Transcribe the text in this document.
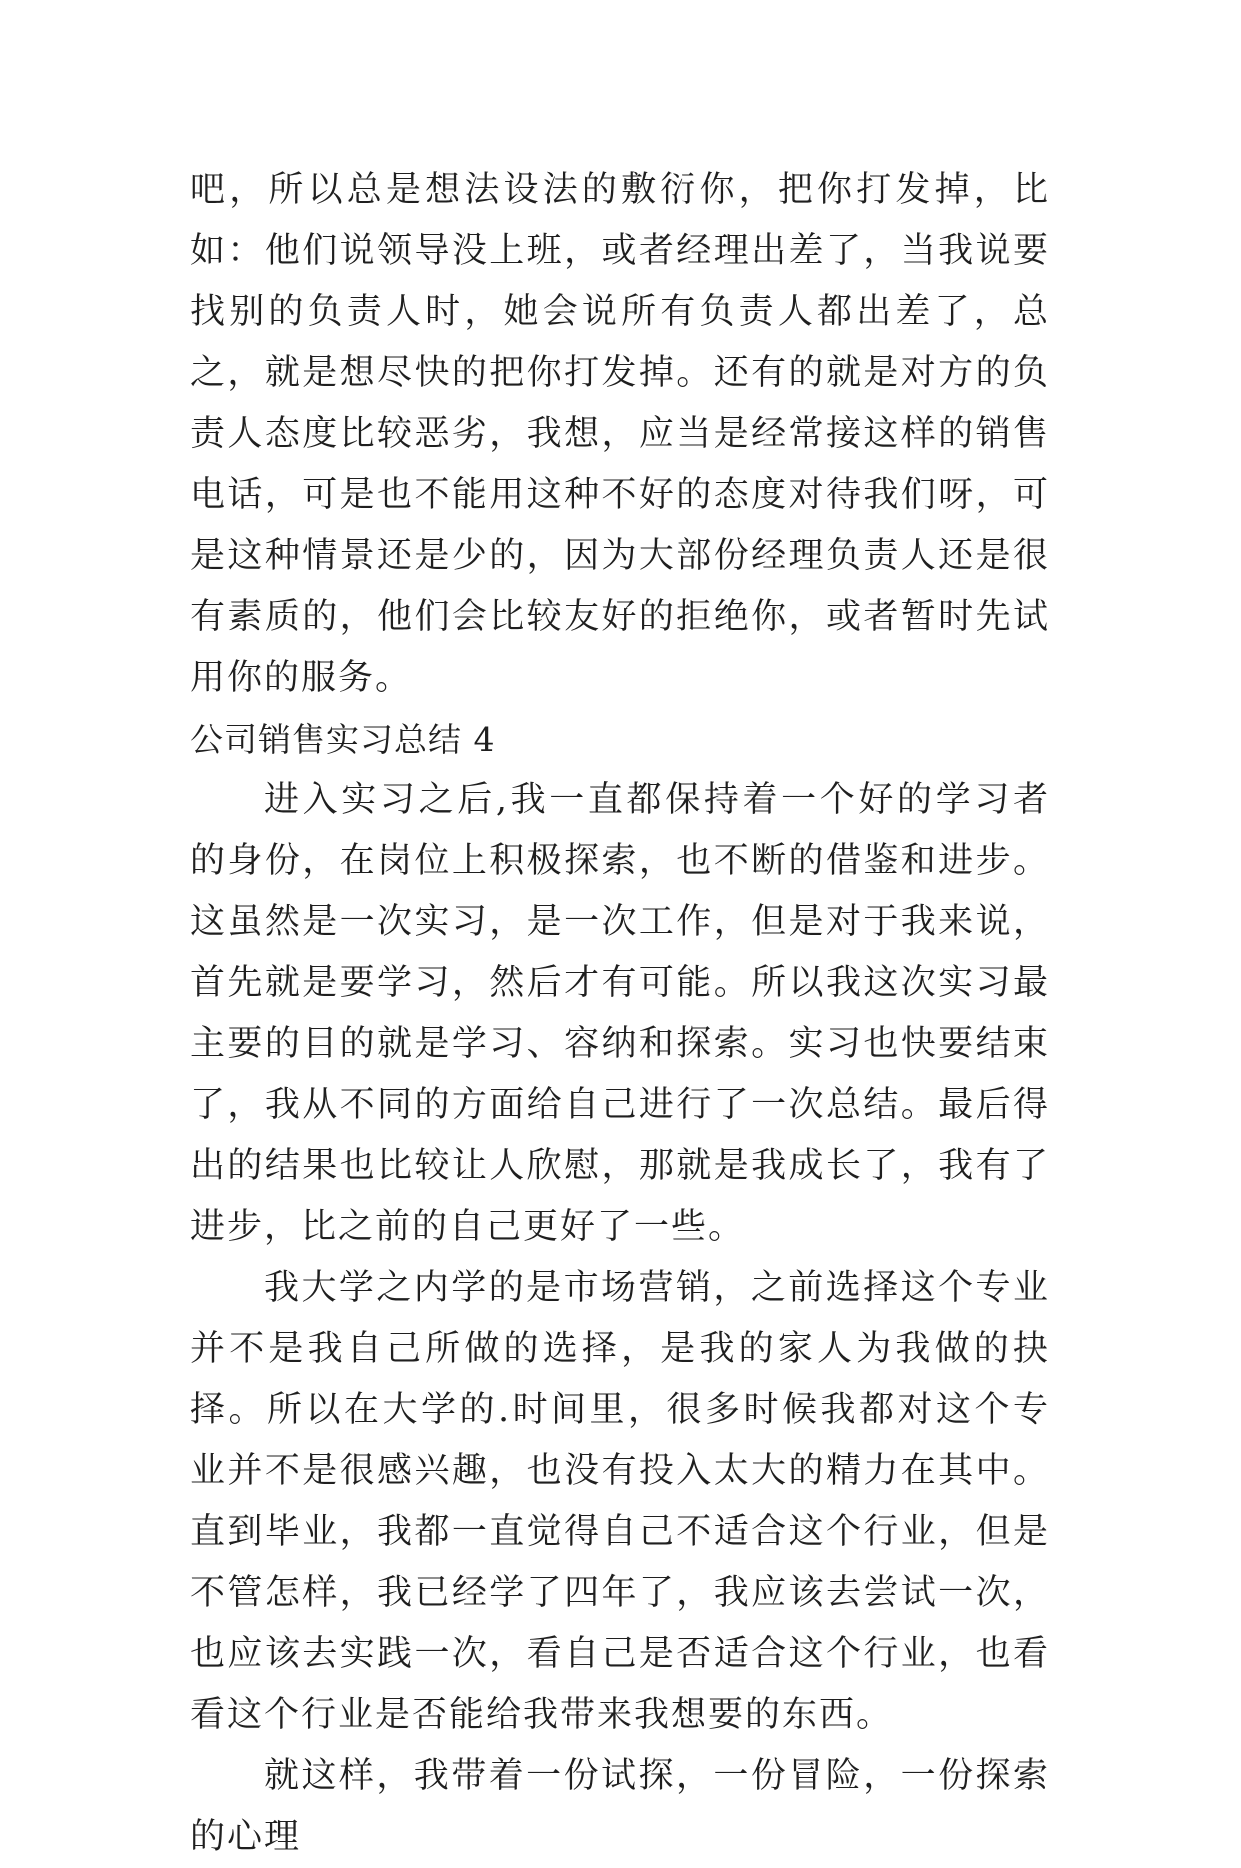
吧，所以总是想法设法的敷衍你，把你打发掉，比如：他们说领导没上班，或者经理出差了，当我说要找别的负责人时，她会说所有负责人都出差了，总之，就是想尽快的把你打发掉。还有的就是对方的负责人态度比较恶劣，我想，应当是经常接这样的销售电话，可是也不能用这种不好的态度对待我们呀，可是这种情景还是少的，因为大部份经理负责人还是很有素质的，他们会比较友好的拒绝你，或者暂时先试用你的服务。

公司销售实习总结 4

进入实习之后,我一直都保持着一个好的学习者的身份，在岗位上积极探索，也不断的借鉴和进步。这虽然是一次实习，是一次工作，但是对于我来说，首先就是要学习，然后才有可能。所以我这次实习最主要的目的就是学习、容纳和探索。实习也快要结束了，我从不同的方面给自己进行了一次总结。最后得出的结果也比较让人欣慰，那就是我成长了，我有了进步，比之前的自己更好了一些。

我大学之内学的是市场营销，之前选择这个专业并不是我自己所做的选择，是我的家人为我做的抉择。所以在大学的.时间里，很多时候我都对这个专业并不是很感兴趣，也没有投入太大的精力在其中。直到毕业，我都一直觉得自己不适合这个行业，但是不管怎样，我已经学了四年了，我应该去尝试一次，也应该去实践一次，看自己是否适合这个行业，也看看这个行业是否能给我带来我想要的东西。

就这样，我带着一份试探，一份冒险，一份探索的心理
